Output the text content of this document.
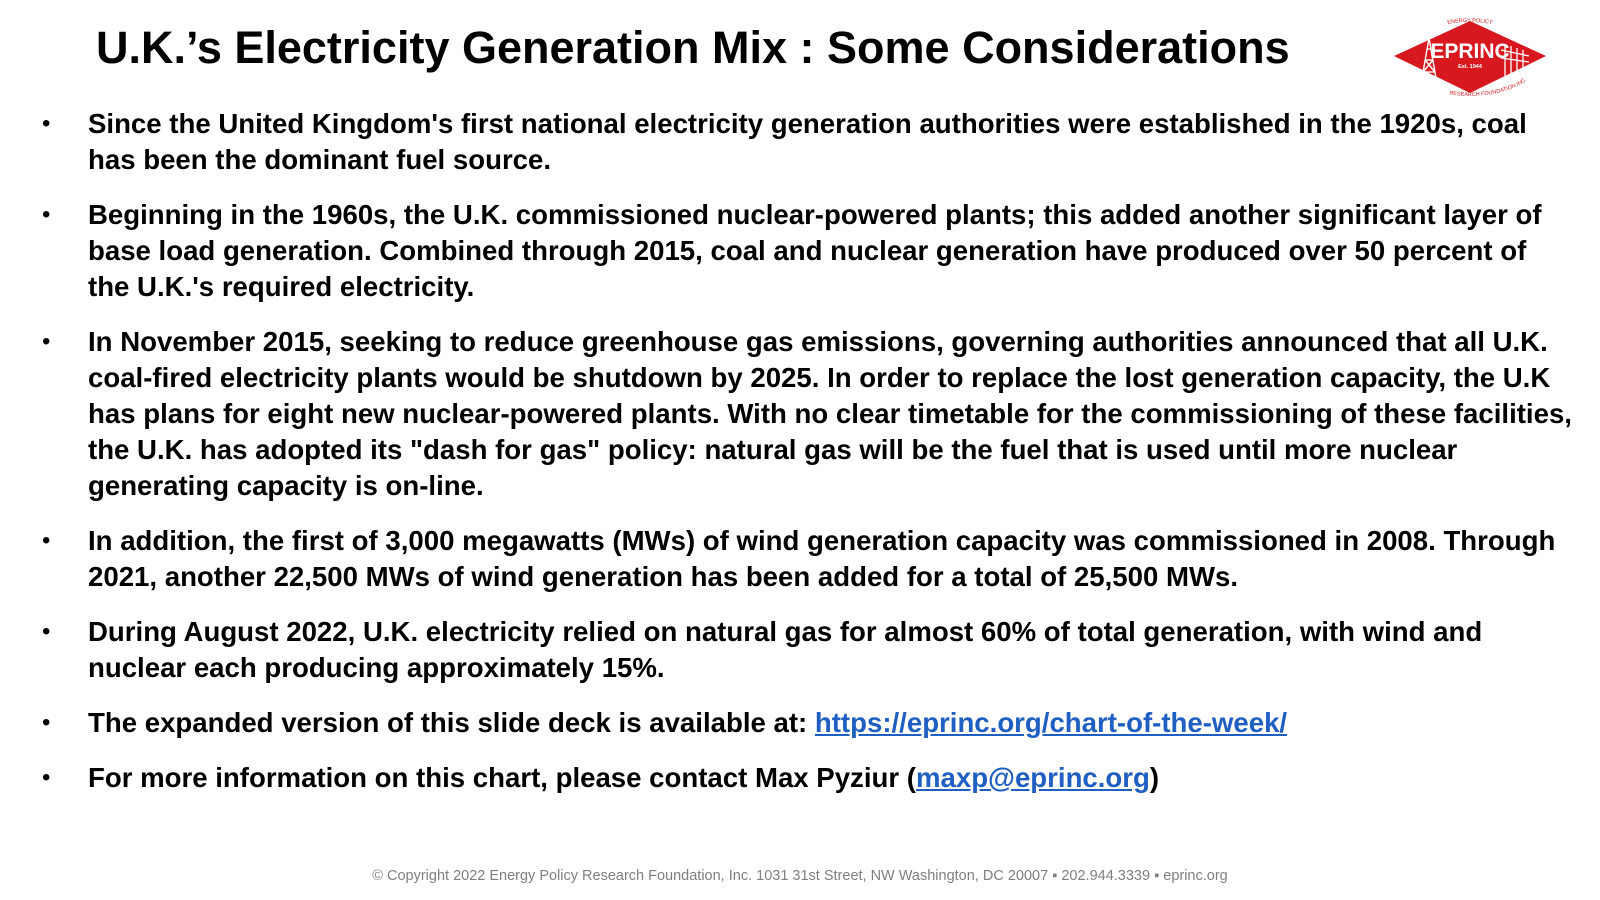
U.K.’s Electricity Generation Mix : Some Considerations	EPRINC
Est. 1944
ENERGY POLICY
RESEARCH FOUNDATION INC.
• Since the United Kingdom's first national electricity generation authorities were established in the 1920s, coal has been the dominant fuel source.
• Beginning in the 1960s, the U.K. commissioned nuclear-powered plants; this added another significant layer of base load generation. Combined through 2015, coal and nuclear generation have produced over 50 percent of the U.K.'s required electricity.
• In November 2015, seeking to reduce greenhouse gas emissions, governing authorities announced that all U.K. coal-fired electricity plants would be shutdown by 2025. In order to replace the lost generation capacity, the U.K has plans for eight new nuclear-powered plants. With no clear timetable for the commissioning of these facilities, the U.K. has adopted its "dash for gas" policy: natural gas will be the fuel that is used until more nuclear generating capacity is on-line.
• In addition, the first of 3,000 megawatts (MWs) of wind generation capacity was commissioned in 2008. Through 2021, another 22,500 MWs of wind generation has been added for a total of 25,500 MWs.
• During August 2022, U.K. electricity relied on natural gas for almost 60% of total generation, with wind and nuclear each producing approximately 15%.
• The expanded version of this slide deck is available at: https://eprinc.org/chart-of-the-week/
• For more information on this chart, please contact Max Pyziur (maxp@eprinc.org)
© Copyright 2022 Energy Policy Research Foundation, Inc. 1031 31st Street, NW Washington, DC 20007 ▪ 202.944.3339 ▪ eprinc.org
